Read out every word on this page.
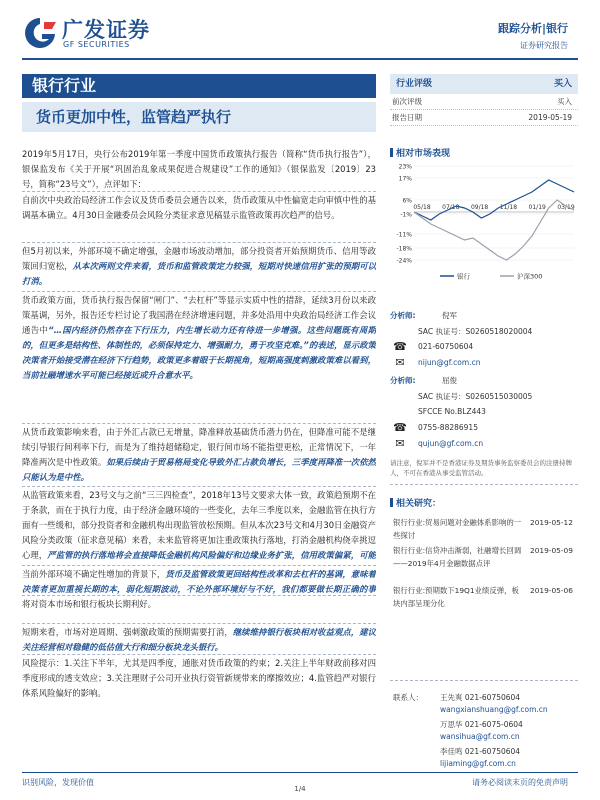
广发证券
GF SECURITIES
跟踪分析|银行
证券研究报告
银行行业
货币更加中性，监管趋严执行
2019年5月17日，央行公布2019年第一季度中国货币政策执行报告（简称“货币执行报告”），银保监发布《关于开展“巩固治乱象成果促进合规建设”工作的通知》（银保监发〔2019〕23号，简称“23号文”），点评如下：
自前次中央政治局经济工作会议及货币委员会通告以来，货币政策从中性偏宽走向审慎中性的基调基本确立。4月30日金融委员会风险分类征求意见稿显示监管政策再次趋严的信号。
但5月初以来，外部环境不确定增强，金融市场波动增加，部分投资者开始预期货币、信用等政策回归宽松，从本次两则文件来看，货币和监管政策定力较强，短期对快速信用扩张的预期可以打消。
货币政策方面，货币执行报告保留“闸门”、“去杠杆”等显示实质中性的措辞，延续3月份以来政策基调，另外，报告还专栏讨论了我国潜在经济增速问题，并多处沿用中央政治局经济工作会议通告中“…国内经济仍然存在下行压力，内生增长动力还有待进一步增强。这些问题既有周期的，但更多是结构性、体制性的，必须保持定力、增强耐力，勇于攻坚克难。”的表述，显示政策决策者开始接受潜在经济下行趋势，政策更多着眼于长期视角，短期高强度刺激政策难以看到，当前社融增速水平可能已经接近或升合意水平。
从货币政策影响来看，由于外汇占款已无增量，降准释放基础货币潜力仍在，但降准可能不是继续引导银行间利率下行，而是为了维持超储稳定，银行间市场不能指望更松，正常情况下，一年降准两次是中性政策。如果后续由于贸易格局变化导致外汇占款负增长，三季度再降准一次依然只能认为是中性。
从监管政策来看，23号文与之前“三三四检查”，2018年13号文要求大体一致，政策趋预期不在于条款，而在于执行力度，由于经济金融环境的一些变化，去年三季度以来，金融监管在执行方面有一些缓和，部分投资者和金融机构出现监管放松预期。但从本次23号文和4月30日金融资产风险分类政策（征求意见稿）来看，未来监管将更加注重政策执行落地，打消金融机构侥幸挑逗心理，严监管的执行落地将会直接降低金融机构风险偏好和边缘业务扩张，信用政策偏紧，可能
当前外部环境不确定性增加的背景下，货币及监管政策更回结构性改革和去杠杆的基调，意味着决策者更加重视长期的本，弱化短期波动，不论外部环境好与不好，我们都要做长期正确的事
将对资本市场和银行板块长期利好。
短期来看，市场对逆周期、强刺激政策的预期需要打消，继续维持银行板块相对收益观点，建议关注经营相对稳健的低估值大行和细分板块龙头银行。
风险提示：1.关注下半年，尤其是四季度，通胀对货币政策的约束；2.关注上半年财政前移对四季度形成的透支效应；3.关注理财子公司开业执行资管新规带来的摩擦效应；4.监管趋严对银行体系风险偏好的影响。
行业评级	买入
前次评级	买入
报告日期	2019-05-19
相对市场表现
23%
17%
6%
-1%
-11%
-18%
-24%
05/18 07/18 09/18 11/18 01/19 03/19
银行	沪深300
分析师:	倪军
SAC 执证号：S0260518020004
☎ 021-60750604
✉	nijun@gf.com.cn
分析师:	屈俊
SAC 执证号：S0260515030005
SFCCE No.BLZ443
☎ 0755-88286915
✉	qujun@gf.com.cn
请注意，倪军并不是香港证券及期货事务监察委员会的注册持牌人，不可在香港从事受监管活动。
相关研究：
银行行业:贸易问题对金融体系影响的一些探讨
2019-05-12
银行行业:信贷冲击渐弱，社融增长回调——2019年4月金融数据点评
2019-05-09
银行行业:预期数下19Q1业绩反弹，板块内部呈现分化
2019-05-06
联系人： 王先爽 021-60750604
wangxianshuang@gf.com.cn
万思华 021-6075-0604
wansihua@gf.com.cn
李佳鸣 021-60750604
lijiaming@gf.com.cn
识别风险，发现价值	请务必阅读末页的免责声明
1/4
